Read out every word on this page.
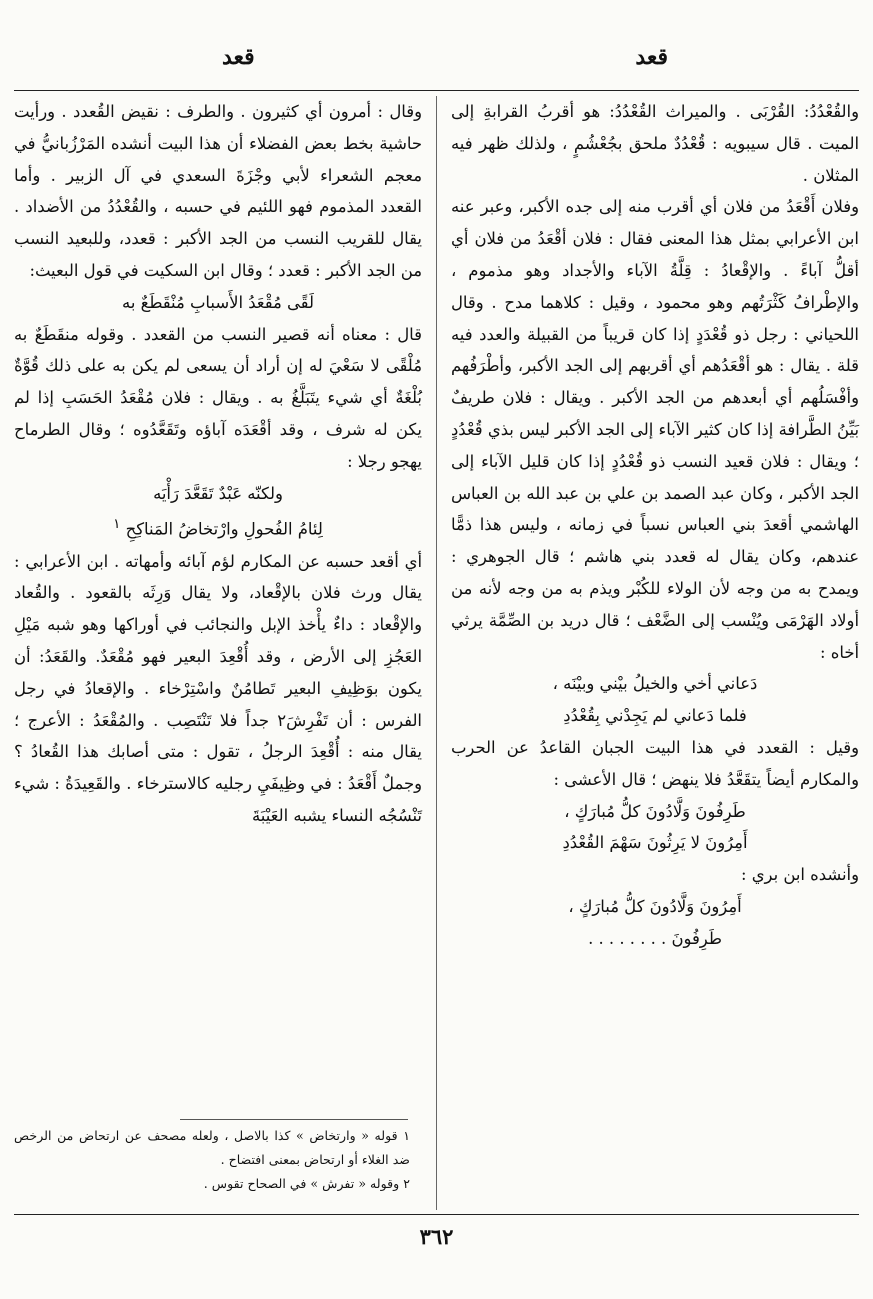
قعد
قعد

والقُعْدُدُ: القُرْبَى . والميراث القُعْدُدُ: هو أقربُ القرابةِ إلى الميت . قال سيبويه : قُعْدُدٌ ملحق بجُعْشُمٍ ، ولذلك ظهر فيه المثلان .

وفلان أَقْعَدُ من فلان أي أقرب منه إلى جده الأكبر، وعبر عنه ابن الأعرابي بمثل هذا المعنى فقال : فلان أقْعَدُ من فلان أي أقلُّ آباءً . والإقْعادُ : قِلَّةُ الآباء والأجداد وهو مذموم ، والإطْرافُ كَثْرَتُهم وهو محمود ، وقيل : كلاهما مدح . وقال اللحياني : رجل ذو قُعْدَدٍ إذا كان قريباً من القبيلة والعدد فيه قلة . يقال : هو أقْعَدُهم أي أقربهم إلى الجد الأكبر، وأطْرَفُهم وأفْسَلُهم أي أبعدهم من الجد الأكبر . ويقال : فلان طريفٌ بَيِّنُ الطَّرافة إذا كان كثير الآباء إلى الجد الأكبر ليس بذي قُعْدُدٍ ؛ ويقال : فلان قعيد النسب ذو قُعْدُدٍ إذا كان قليل الآباء إلى الجد الأكبر ، وكان عبد الصمد بن علي بن عبد الله بن العباس الهاشمي أقعدَ بني العباس نسباً في زمانه ، وليس هذا ذمًّا عندهم، وكان يقال له قعدد بني هاشم ؛ قال الجوهري : ويمدح به من وجه لأن الولاء للكُبْر ويذم به من وجه لأنه من أولاد الهَرْمَى ويُنْسب إلى الضَّعْف ؛ قال دريد بن الصِّمَّة يرثي أخاه :

دَعاني أخي والخيلُ بيْني وبيْنَه ،

فلما دَعاني لم يَجِدْني بِقُعْدُدِ

وقيل : القعدد في هذا البيت الجبان القاعدُ عن الحرب والمكارم أيضاً يتقَعَّدُ فلا ينهض ؛ قال الأعشى :

طَرِفُونَ وَلَّادُونَ كلُّ مُبارَكٍ ،

أَمِرُونَ لا يَرِثُونَ سَهْمَ القُعْدُدِ

وأنشده ابن بري :

أَمِرُونَ وَلَّادُونَ كلُّ مُبارَكٍ ،

طَرِفُونَ . . . . . . . .

وقال : أمرون أي كثيرون . والطرف : نقيض القُعدد . ورأيت حاشية بخط بعض الفضلاء أن هذا البيت أنشده المَرْزُبانيُّ في معجم الشعراء لأبي وجْزَةَ السعدي في آل الزبير . وأما القعدد المذموم فهو اللئيم في حسبه ، والقُعْدُدُ من الأضداد . يقال للقريب النسب من الجد الأكبر : قعدد، وللبعيد النسب من الجد الأكبر : قعدد ؛ وقال ابن السكيت في قول البعيث:

لَقًى مُقْعَدُ الأَسبابِ مُنْقَطَعٌ به

قال : معناه أنه قصير النسب من القعدد . وقوله منقَطَعٌ به مُلْقًى لا سَعْيَ له إن أراد أن يسعى لم يكن به على ذلك قُوَّةٌ بُلْغَةٌ أي شيء يتَبَلَّغُ به . ويقال : فلان مُقْعَدُ الحَسَبِ إذا لم يكن له شرف ، وقد أقْعَدَه آباؤه وتَقَعَّدُوه ؛ وقال الطرماح يهجو رجلا :

ولكنّه عَبْدٌ تَقَعَّدَ رَأْيَه

لِئامُ الفُحولِ وارْتخاضُ المَناكِحِ $^١$

أي أقعد حسبه عن المكارم لؤم آبائه وأمهاته . ابن الأعرابي : يقال ورث فلان بالإقْعاد، ولا يقال وَرِثَه بالقعود . والقُعاد والإقْعاد : داءٌ يأْخذ الإبل والنجائب في أوراكها وهو شبه مَيْلِ العَجُزِ إلى الأرض ، وقد أُقْعِدَ البعير فهو مُقْعَدٌ. والقَعَدُ: أن يكون بوَظِيفِ البعير تَطامُنٌ واسْتِرْخاء . والإقعادُ في رجل الفرس : أن تَفْرِشَ٢ جداً فلا تَنْتَصِب . والمُقْعَدُ : الأعرج ؛ يقال منه : أُقْعِدَ الرجلُ ، تقول : متى أصابك هذا القُعادُ ؟ وجملٌ أَقْعَدُ : في وظِيفَيِ رجليه كالاسترخاء . والقَعِيدَةُ : شيء تَنْسُجُه النساء يشبه العَيْبَةَ

١ قوله « وارتخاض » كذا بالاصل ، ولعله مصحف عن ارتحاض من الرخص ضد الغلاء أو ارتحاض بمعنى افتضاح .

٢ وقوله « تفرش » في الصحاح تقوس .

٣٦٢
